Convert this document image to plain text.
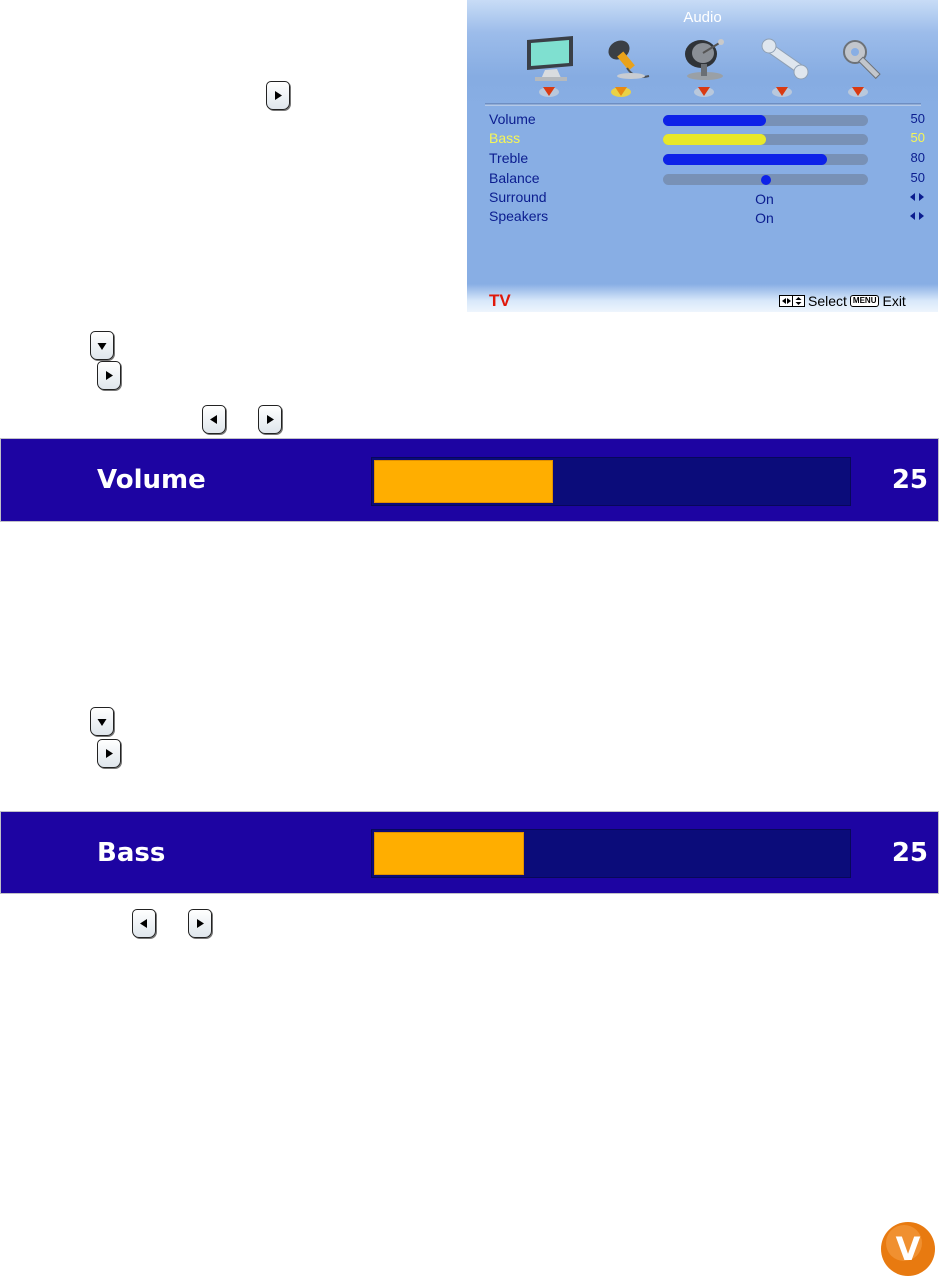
Audio
Volume	50
Bass	50
Treble	80
Balance	50
Surround	On
Speakers	On
TV	Select MENU Exit
Volume	25
Bass	25
V
